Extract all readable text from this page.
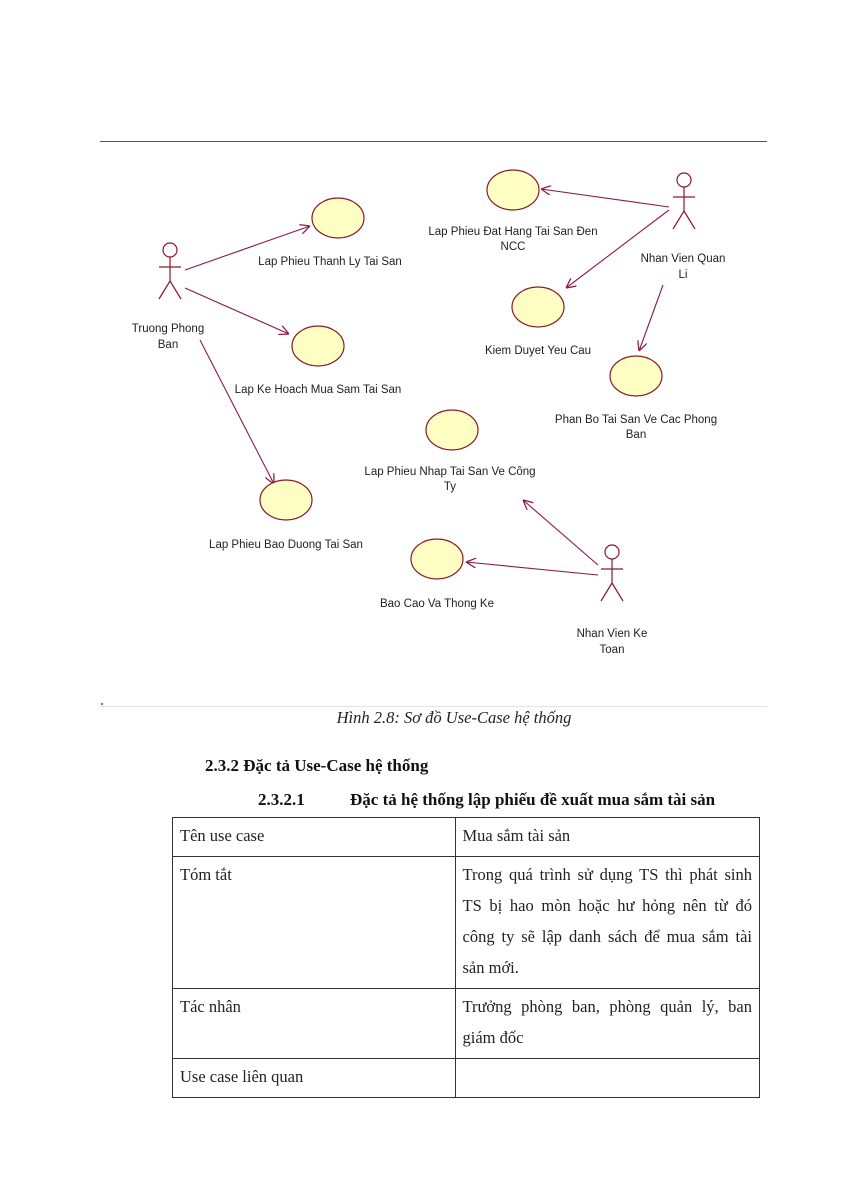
Lap Phieu Thanh Ly Tai San
Lap Ke Hoach Mua Sam Tai San
Lap Phieu Bao Duong Tai San
Lap Phieu Đat Hang Tai San Đen
NCC
Kiem Duyet Yeu Cau
Phan Bo Tai San Ve Cac Phong
Ban
Lap Phieu Nhap Tai San Ve Công
Ty
Bao Cao Va Thong Ke
Truong Phong
Ban
Nhan Vien Quan
Li
Nhan Vien Ke
Toan
Hình 2.8: Sơ đồ Use-Case hệ thống
2.3.2 Đặc tả Use-Case hệ thống
2.3.2.1	Đặc tả hệ thống lập phiếu đề xuất mua sắm tài sản
Tên use case	Mua sắm tài sản
Tóm tắt	Trong quá trình sử dụng TS thì phát sinh TS bị hao mòn hoặc hư hỏng nên từ đó công ty sẽ lập danh sách để mua sắm tài sản mới.
Tác nhân	Trưởng phòng ban, phòng quản lý, ban giám đốc
Use case liên quan	
